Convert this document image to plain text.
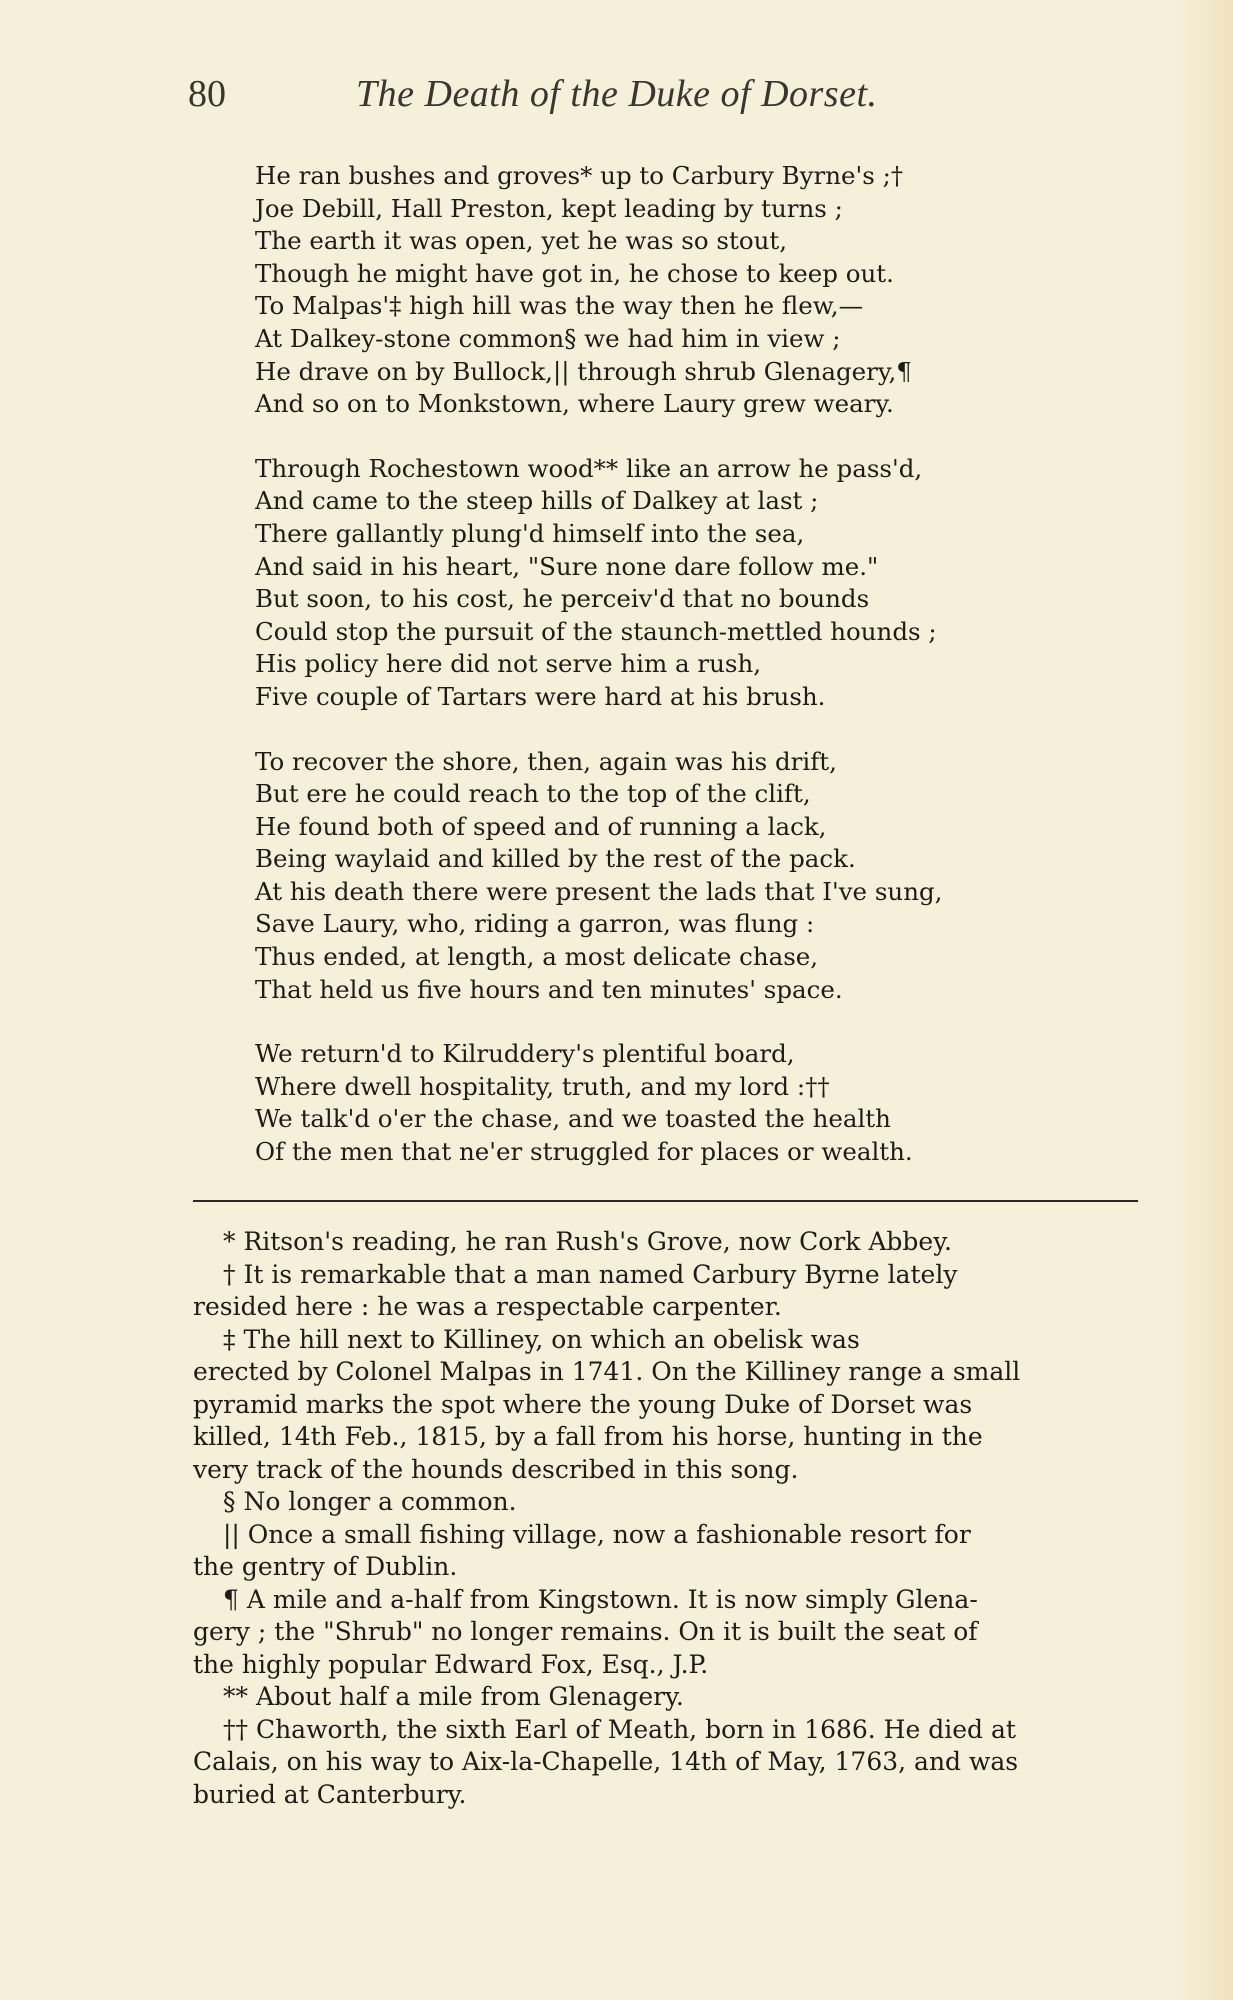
80	The Death of the Duke of Dorset.
He ran bushes and groves* up to Carbury Byrne's ;†
Joe Debill, Hall Preston, kept leading by turns ;
The earth it was open, yet he was so stout,
Though he might have got in, he chose to keep out.
To Malpas'‡ high hill was the way then he flew,—
At Dalkey-stone common§ we had him in view ;
He drave on by Bullock,|| through shrub Glenagery,¶
And so on to Monkstown, where Laury grew weary.
Through Rochestown wood** like an arrow he pass'd,
And came to the steep hills of Dalkey at last ;
There gallantly plung'd himself into the sea,
And said in his heart, "Sure none dare follow me."
But soon, to his cost, he perceiv'd that no bounds
Could stop the pursuit of the staunch-mettled hounds ;
His policy here did not serve him a rush,
Five couple of Tartars were hard at his brush.
To recover the shore, then, again was his drift,
But ere he could reach to the top of the clift,
He found both of speed and of running a lack,
Being waylaid and killed by the rest of the pack.
At his death there were present the lads that I've sung,
Save Laury, who, riding a garron, was flung :
Thus ended, at length, a most delicate chase,
That held us five hours and ten minutes' space.
We return'd to Kilruddery's plentiful board,
Where dwell hospitality, truth, and my lord :††
We talk'd o'er the chase, and we toasted the health
Of the men that ne'er struggled for places or wealth.
* Ritson's reading, he ran Rush's Grove, now Cork Abbey.
† It is remarkable that a man named Carbury Byrne lately
resided here : he was a respectable carpenter.
‡ The hill next to Killiney, on which an obelisk was
erected by Colonel Malpas in 1741. On the Killiney range a small
pyramid marks the spot where the young Duke of Dorset was
killed, 14th Feb., 1815, by a fall from his horse, hunting in the
very track of the hounds described in this song.
§ No longer a common.
|| Once a small fishing village, now a fashionable resort for
the gentry of Dublin.
¶ A mile and a-half from Kingstown. It is now simply Glena-
gery ; the "Shrub" no longer remains. On it is built the seat of
the highly popular Edward Fox, Esq., J.P.
** About half a mile from Glenagery.
†† Chaworth, the sixth Earl of Meath, born in 1686. He died at
Calais, on his way to Aix-la-Chapelle, 14th of May, 1763, and was
buried at Canterbury.
